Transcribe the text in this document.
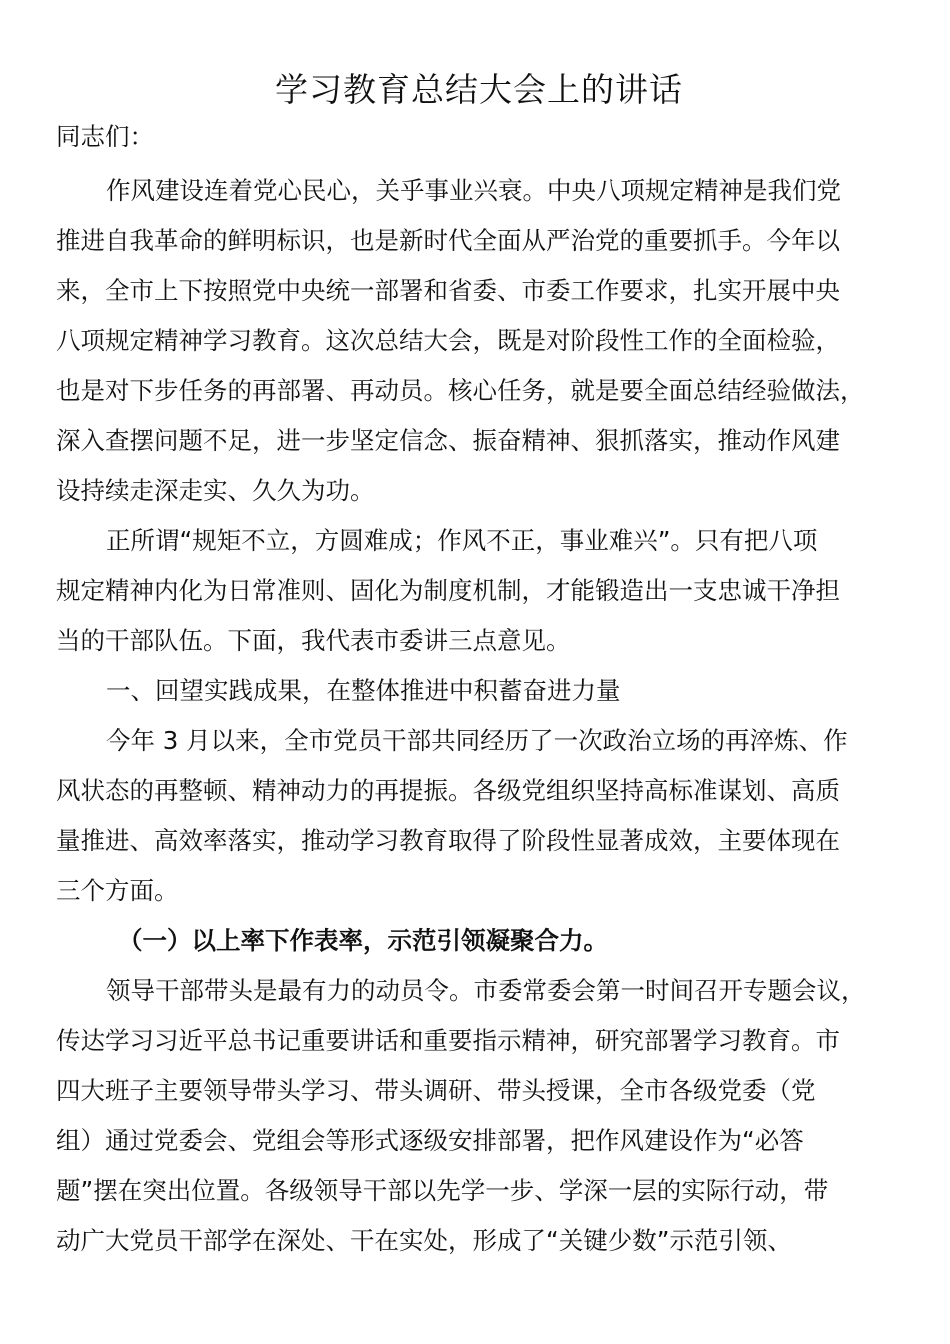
学习教育总结大会上的讲话
同志们：
作风建设连着党心民心，关乎事业兴衰。中央八项规定精神是我们党
推进自我革命的鲜明标识，也是新时代全面从严治党的重要抓手。今年以
来，全市上下按照党中央统一部署和省委、市委工作要求，扎实开展中央
八项规定精神学习教育。这次总结大会，既是对阶段性工作的全面检验，
也是对下步任务的再部署、再动员。核心任务，就是要全面总结经验做法，
深入查摆问题不足，进一步坚定信念、振奋精神、狠抓落实，推动作风建
设持续走深走实、久久为功。
正所谓“规矩不立，方圆难成；作风不正，事业难兴”。只有把八项
规定精神内化为日常准则、固化为制度机制，才能锻造出一支忠诚干净担
当的干部队伍。下面，我代表市委讲三点意见。
一、回望实践成果，在整体推进中积蓄奋进力量
今年 3 月以来，全市党员干部共同经历了一次政治立场的再淬炼、作
风状态的再整顿、精神动力的再提振。各级党组织坚持高标准谋划、高质
量推进、高效率落实，推动学习教育取得了阶段性显著成效，主要体现在
三个方面。
（一）以上率下作表率，示范引领凝聚合力。
领导干部带头是最有力的动员令。市委常委会第一时间召开专题会议，
传达学习习近平总书记重要讲话和重要指示精神，研究部署学习教育。市
四大班子主要领导带头学习、带头调研、带头授课，全市各级党委（党
组）通过党委会、党组会等形式逐级安排部署，把作风建设作为“必答
题”摆在突出位置。各级领导干部以先学一步、学深一层的实际行动，带
动广大党员干部学在深处、干在实处，形成了“关键少数”示范引领、
